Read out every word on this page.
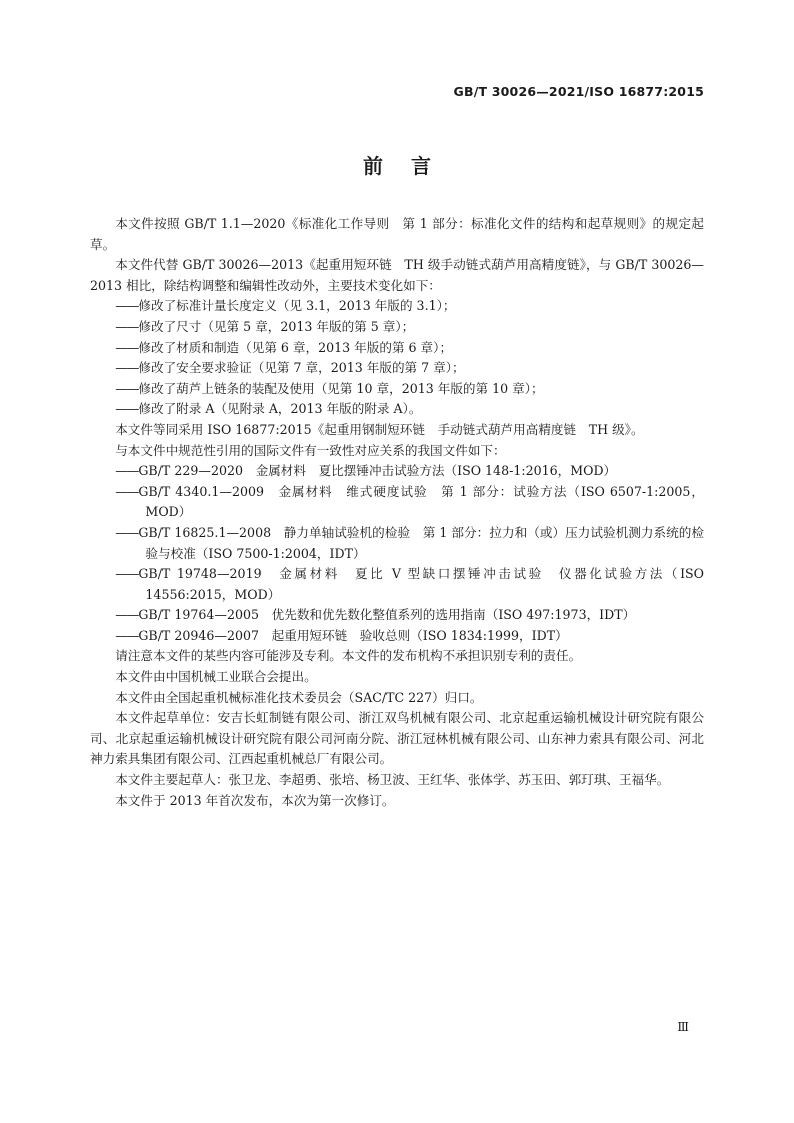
GB/T 30026—2021/ISO 16877:2015
前言

本文件按照 GB/T 1.1—2020《标准化工作导则　第 1 部分：标准化文件的结构和起草规则》的规定起草。

本文件代替 GB/T 30026—2013《起重用短环链　TH 级手动链式葫芦用高精度链》，与 GB/T 30026—2013 相比，除结构调整和编辑性改动外，主要技术变化如下：

—— 修改了标准计量长度定义（见 3.1，2013 年版的 3.1）；

—— 修改了尺寸（见第 5 章，2013 年版的第 5 章）；

—— 修改了材质和制造（见第 6 章，2013 年版的第 6 章）；

—— 修改了安全要求验证（见第 7 章，2013 年版的第 7 章）；

—— 修改了葫芦上链条的装配及使用（见第 10 章，2013 年版的第 10 章）；

—— 修改了附录 A（见附录 A，2013 年版的附录 A）。

本文件等同采用 ISO 16877:2015《起重用钢制短环链　手动链式葫芦用高精度链　TH 级》。

与本文件中规范性引用的国际文件有一致性对应关系的我国文件如下：

—— GB/T 229—2020　金属材料　夏比摆锤冲击试验方法（ISO 148-1:2016，MOD）

—— GB/T 4340.1—2009　金属材料　维式硬度试验　第 1 部分：试验方法（ISO 6507-1:2005，MOD）

—— GB/T 16825.1—2008　静力单轴试验机的检验　第 1 部分：拉力和（或）压力试验机测力系统的检验与校准（ISO 7500-1:2004，IDT）

—— GB/T 19748—2019　金属材料　夏比 V 型缺口摆锤冲击试验　仪器化试验方法（ISO 14556:2015，MOD）

—— GB/T 19764—2005　优先数和优先数化整值系列的选用指南（ISO 497:1973，IDT）

—— GB/T 20946—2007　起重用短环链　验收总则（ISO 1834:1999，IDT）

请注意本文件的某些内容可能涉及专利。本文件的发布机构不承担识别专利的责任。

本文件由中国机械工业联合会提出。

本文件由全国起重机械标准化技术委员会（SAC/TC 227）归口。

本文件起草单位：安吉长虹制链有限公司、浙江双鸟机械有限公司、北京起重运输机械设计研究院有限公司、北京起重运输机械设计研究院有限公司河南分院、浙江冠林机械有限公司、山东神力索具有限公司、河北神力索具集团有限公司、江西起重机械总厂有限公司。

本文件主要起草人：张卫龙、李超勇、张培、杨卫波、王红华、张体学、苏玉田、郭玎琪、王福华。

本文件于 2013 年首次发布，本次为第一次修订。

Ⅲ
